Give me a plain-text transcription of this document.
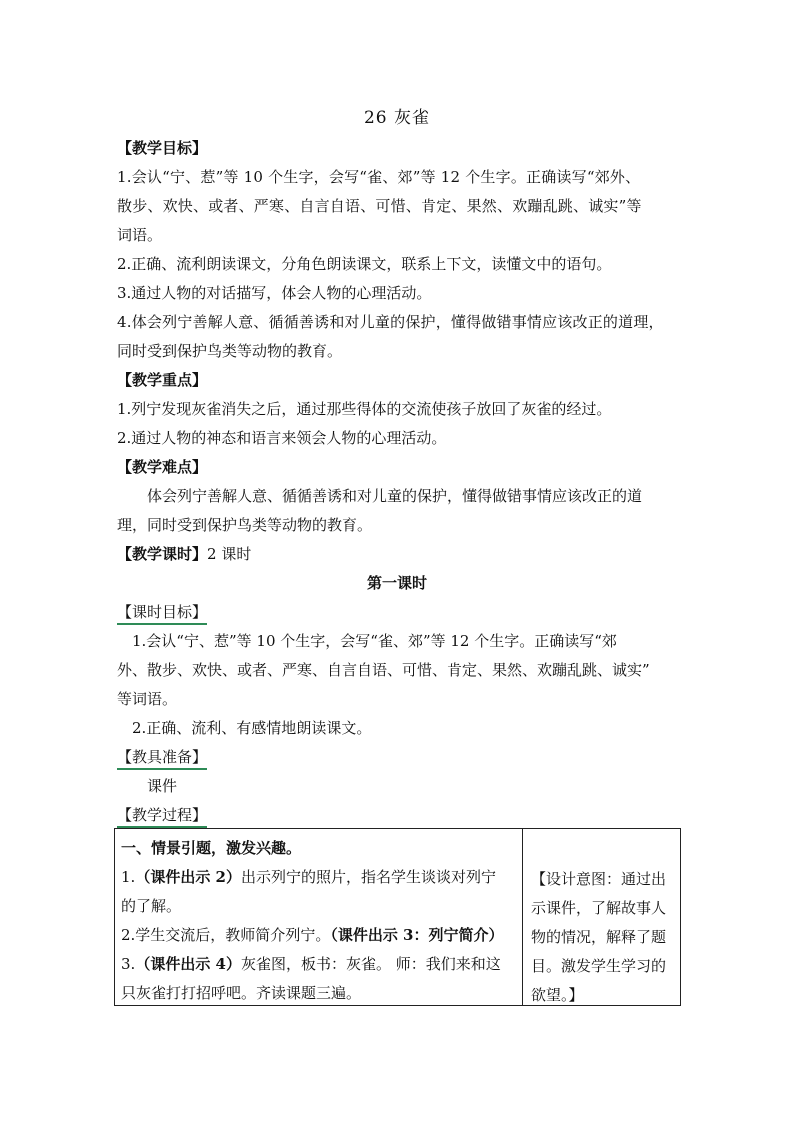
26 灰雀
【教学目标】
1.会认“宁、惹”等 10 个生字，会写“雀、郊”等 12 个生字。正确读写“郊外、
散步、欢快、或者、严寒、自言自语、可惜、肯定、果然、欢蹦乱跳、诚实”等
词语。
2.正确、流利朗读课文，分角色朗读课文，联系上下文，读懂文中的语句。
3.通过人物的对话描写，体会人物的心理活动。
4.体会列宁善解人意、循循善诱和对儿童的保护，懂得做错事情应该改正的道理，
同时受到保护鸟类等动物的教育。
【教学重点】
1.列宁发现灰雀消失之后，通过那些得体的交流使孩子放回了灰雀的经过。
2.通过人物的神态和语言来领会人物的心理活动。
【教学难点】
体会列宁善解人意、循循善诱和对儿童的保护，懂得做错事情应该改正的道
理，同时受到保护鸟类等动物的教育。
【教学课时】2 课时
第一课时
【课时目标】
1.会认“宁、惹”等 10 个生字，会写“雀、郊”等 12 个生字。正确读写“郊
外、散步、欢快、或者、严寒、自言自语、可惜、肯定、果然、欢蹦乱跳、诚实”
等词语。
2.正确、流利、有感情地朗读课文。
【教具准备】
课件
【教学过程】
一、情景引题，激发兴趣。
1.（课件出示 2）出示列宁的照片，指名学生谈谈对列宁
的了解。
2.学生交流后，教师简介列宁。（课件出示 3：列宁简介）
3.（课件出示 4）灰雀图，板书：灰雀。 师：我们来和这
只灰雀打打招呼吧。齐读课题三遍。
【设计意图：通过出
示课件，了解故事人
物的情况，解释了题
目。激发学生学习的
欲望。】
